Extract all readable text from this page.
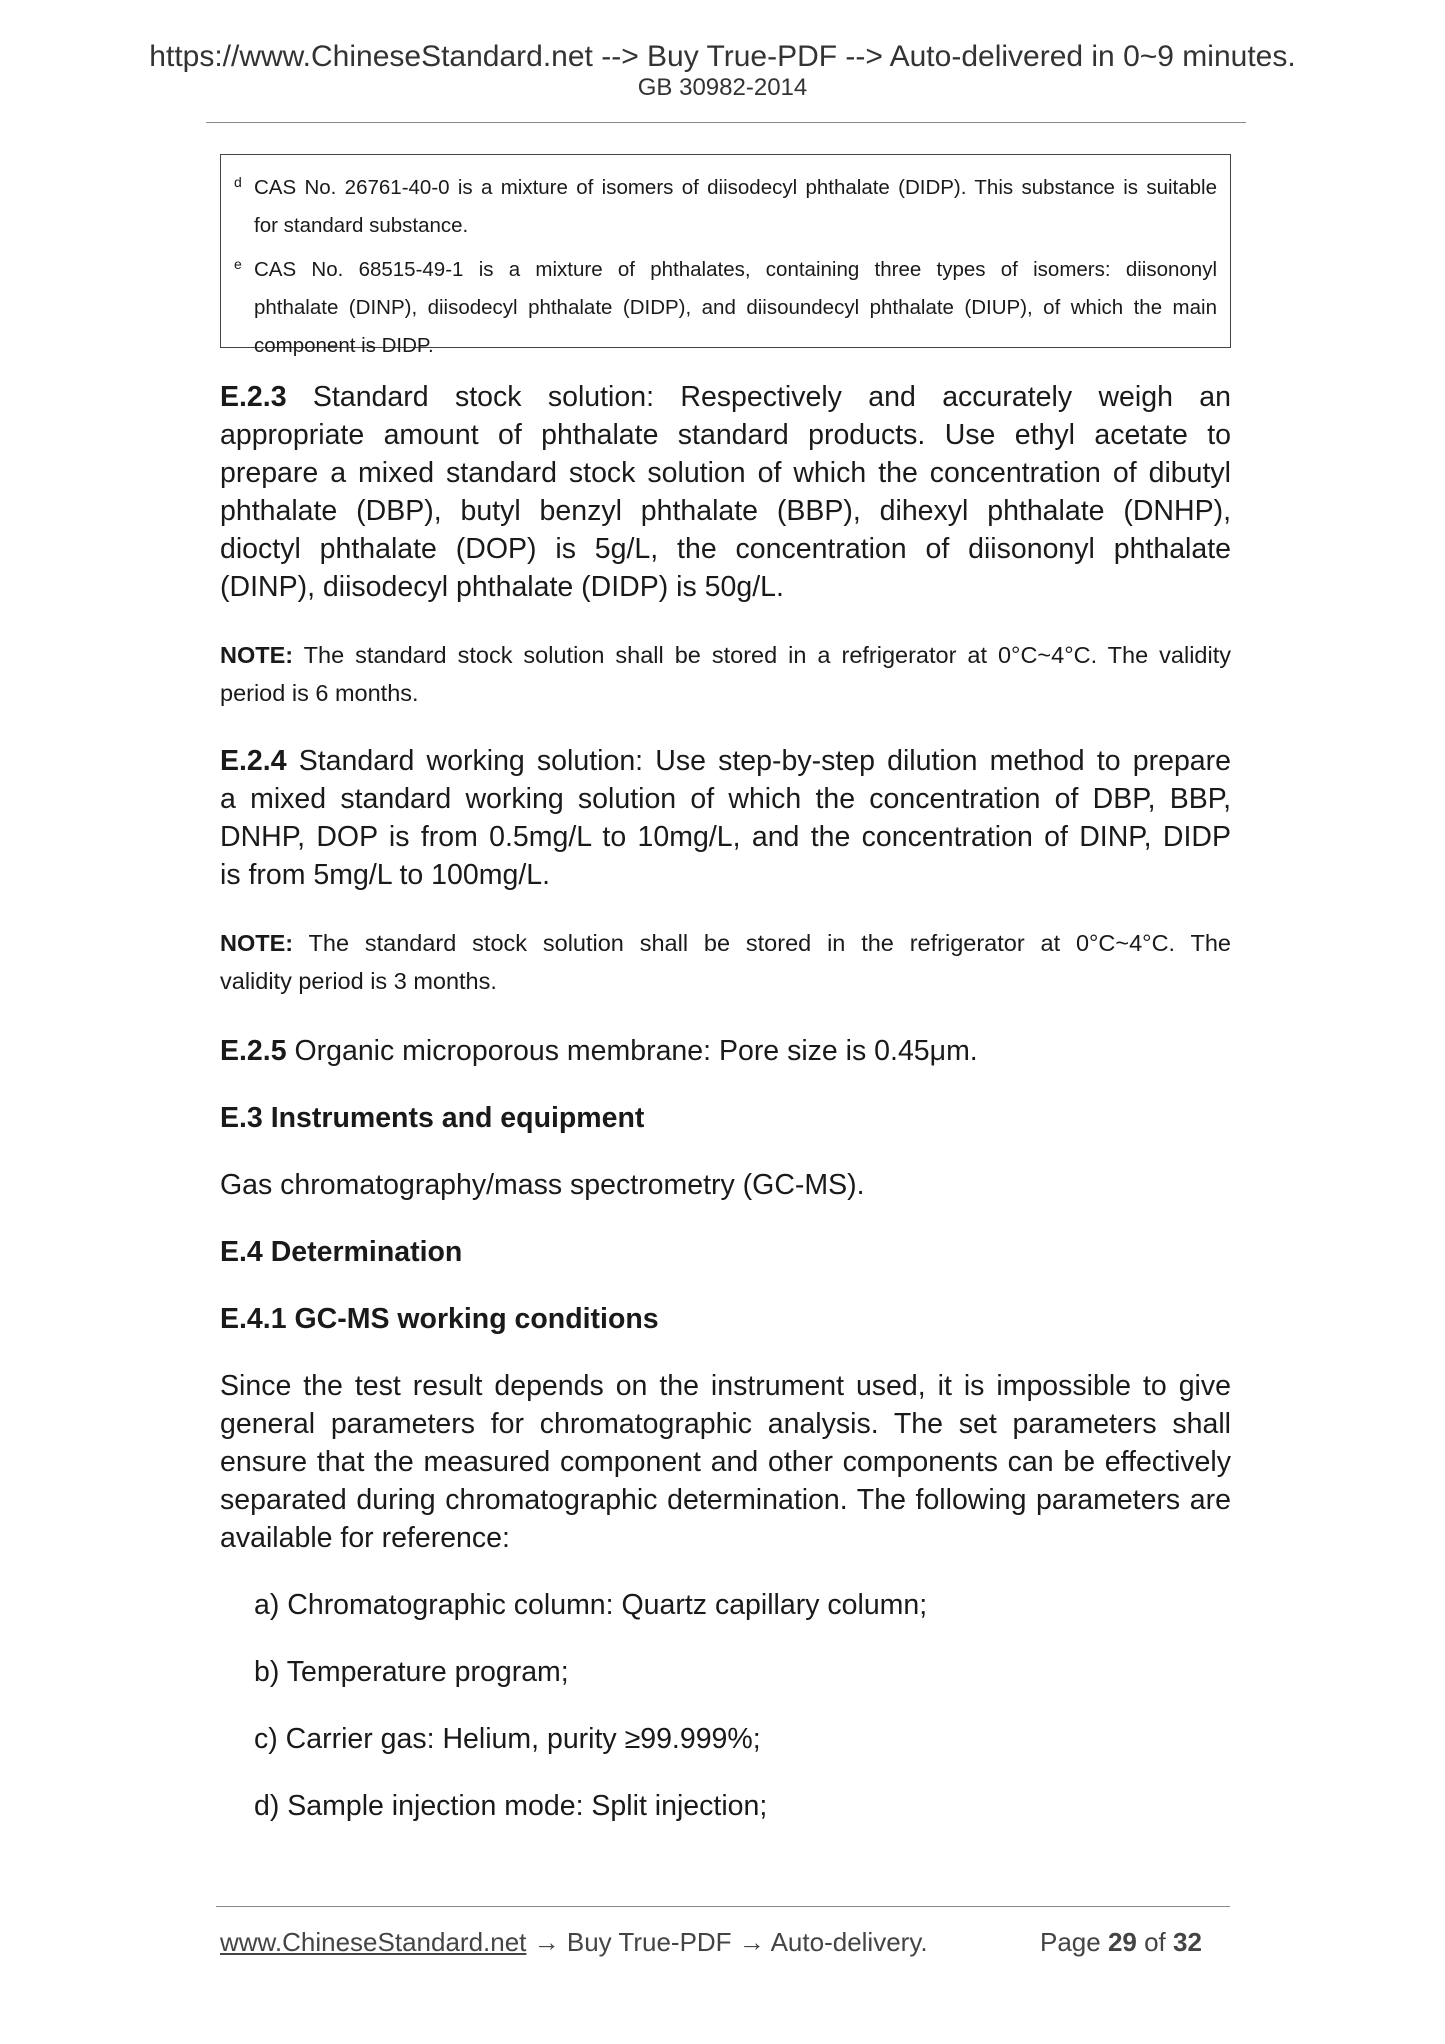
https://www.ChineseStandard.net --> Buy True-PDF --> Auto-delivered in 0~9 minutes.
GB 30982-2014
d CAS No. 26761-40-0 is a mixture of isomers of diisodecyl phthalate (DIDP). This substance is suitable
for standard substance.
e CAS No. 68515-49-1 is a mixture of phthalates, containing three types of isomers: diisononyl
phthalate (DINP), diisodecyl phthalate (DIDP), and diisoundecyl phthalate (DIUP), of which the main
component is DIDP.
E.2.3 Standard stock solution: Respectively and accurately weigh an
appropriate amount of phthalate standard products. Use ethyl acetate to
prepare a mixed standard stock solution of which the concentration of dibutyl
phthalate (DBP), butyl benzyl phthalate (BBP), dihexyl phthalate (DNHP),
dioctyl phthalate (DOP) is 5g/L, the concentration of diisononyl phthalate
(DINP), diisodecyl phthalate (DIDP) is 50g/L.
NOTE: The standard stock solution shall be stored in a refrigerator at 0°C~4°C. The validity
period is 6 months.
E.2.4 Standard working solution: Use step-by-step dilution method to prepare
a mixed standard working solution of which the concentration of DBP, BBP,
DNHP, DOP is from 0.5mg/L to 10mg/L, and the concentration of DINP, DIDP
is from 5mg/L to 100mg/L.
NOTE: The standard stock solution shall be stored in the refrigerator at 0°C~4°C. The
validity period is 3 months.
E.2.5 Organic microporous membrane: Pore size is 0.45μm.
E.3 Instruments and equipment
Gas chromatography/mass spectrometry (GC-MS).
E.4 Determination
E.4.1 GC-MS working conditions
Since the test result depends on the instrument used, it is impossible to give
general parameters for chromatographic analysis. The set parameters shall
ensure that the measured component and other components can be effectively
separated during chromatographic determination. The following parameters are
available for reference:
a) Chromatographic column: Quartz capillary column;
b) Temperature program;
c) Carrier gas: Helium, purity ≥99.999%;
d) Sample injection mode: Split injection;
www.ChineseStandard.net → Buy True-PDF → Auto-delivery.	Page 29 of 32
